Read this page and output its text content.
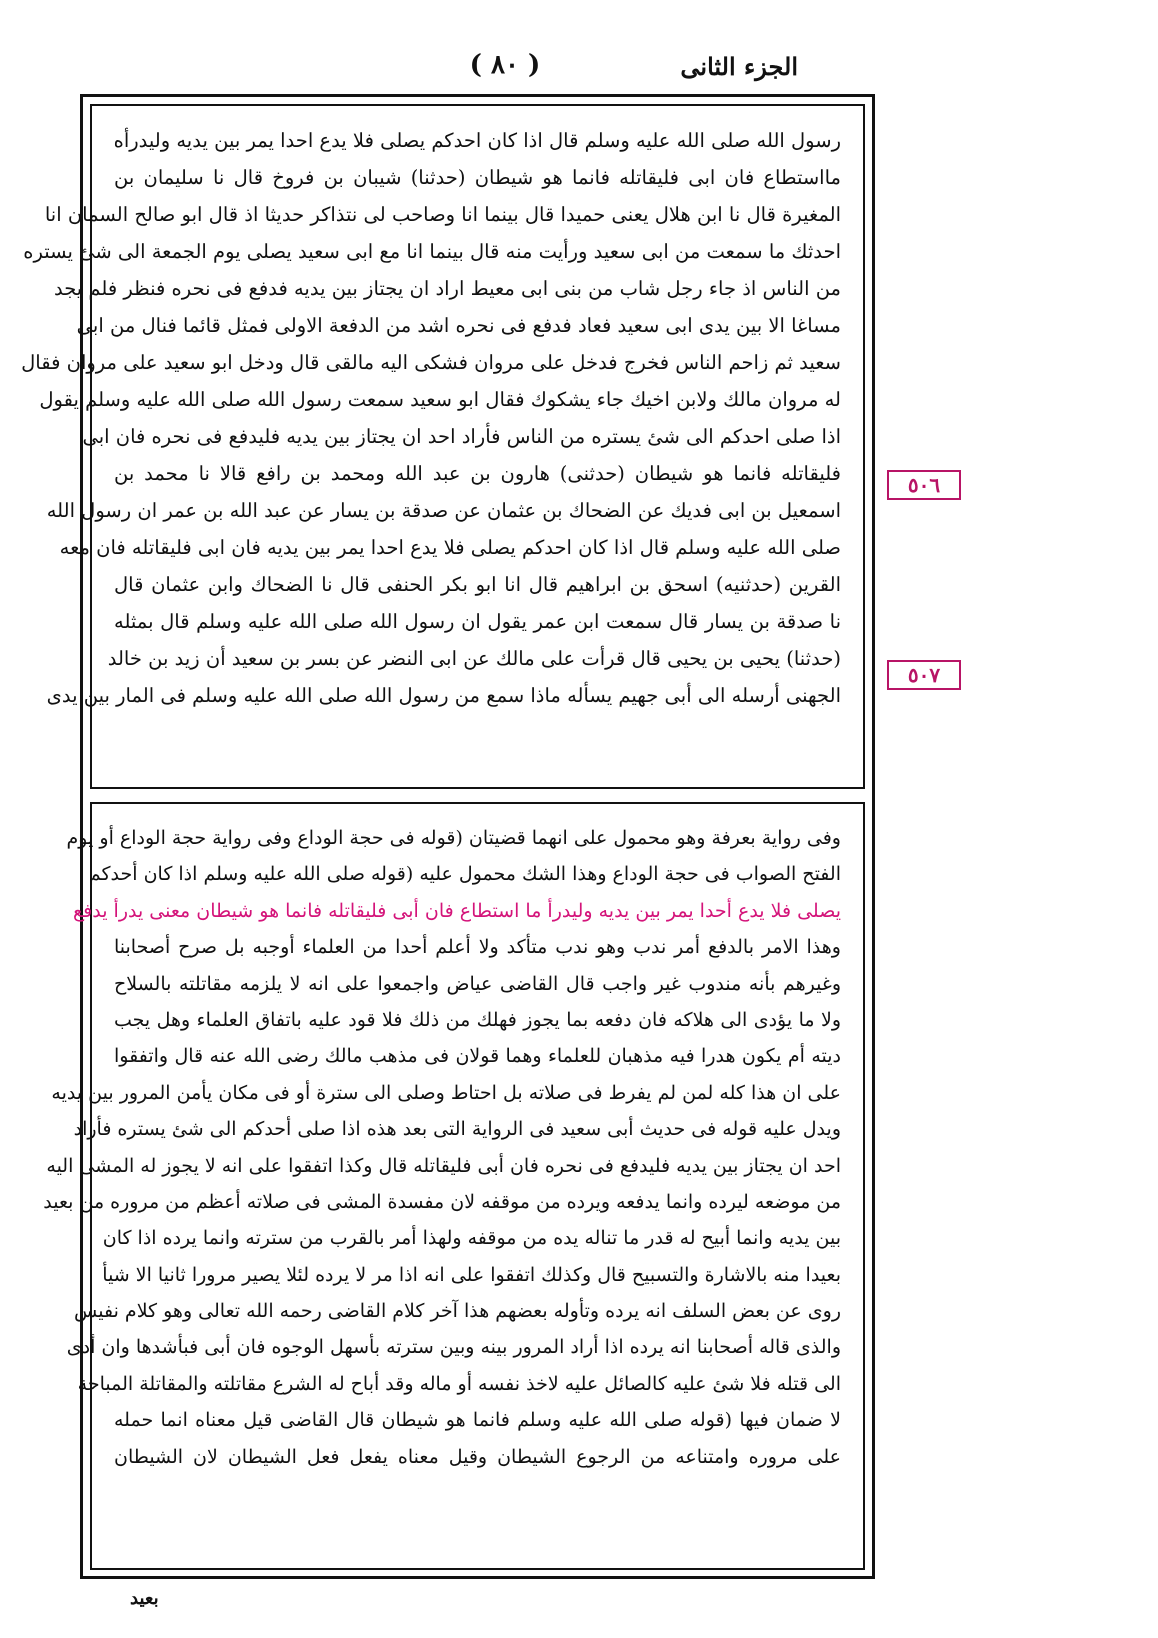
الجزء الثانى
( ٨٠ )
رسول الله صلى الله عليه وسلم قال اذا كان احدكم يصلى فلا يدع احدا يمر بين يديه وليدرأه
مااستطاع فان ابى فليقاتله فانما هو شيطان (حدثنا) شيبان بن فروخ قال نا سليمان بن
المغيرة قال نا ابن هلال يعنى حميدا قال بينما انا وصاحب لى نتذاكر حديثا اذ قال ابو صالح السمان انا
احدثك ما سمعت من ابى سعيد ورأيت منه قال بينما انا مع ابى سعيد يصلى يوم الجمعة الى شئ يستره
من الناس اذ جاء رجل شاب من بنى ابى معيط اراد ان يجتاز بين يديه فدفع فى نحره فنظر فلم يجد
مساغا الا بين يدى ابى سعيد فعاد فدفع فى نحره اشد من الدفعة الاولى فمثل قائما فنال من ابى
سعيد ثم زاحم الناس فخرج فدخل على مروان فشكى اليه مالقى قال ودخل ابو سعيد على مروان فقال
له مروان مالك ولابن اخيك جاء يشكوك فقال ابو سعيد سمعت رسول الله صلى الله عليه وسلم يقول
اذا صلى احدكم الى شئ يستره من الناس فأراد احد ان يجتاز بين يديه فليدفع فى نحره فان ابى
فليقاتله فانما هو شيطان (حدثنى) هارون بن عبد الله ومحمد بن رافع قالا نا محمد بن
اسمعيل بن ابى فديك عن الضحاك بن عثمان عن صدقة بن يسار عن عبد الله بن عمر ان رسول الله
صلى الله عليه وسلم قال اذا كان احدكم يصلى فلا يدع احدا يمر بين يديه فان ابى فليقاتله فان معه
القرين (حدثنيه) اسحق بن ابراهيم قال انا ابو بكر الحنفى قال نا الضحاك وابن عثمان قال
نا صدقة بن يسار قال سمعت ابن عمر يقول ان رسول الله صلى الله عليه وسلم قال بمثله
(حدثنا) يحيى بن يحيى قال قرأت على مالك عن ابى النضر عن بسر بن سعيد أن زيد بن خالد
الجهنى أرسله الى أبى جهيم يسأله ماذا سمع من رسول الله صلى الله عليه وسلم فى المار بين يدى
وفى رواية بعرفة وهو محمول على انهما قضيتان (قوله فى حجة الوداع وفى رواية حجة الوداع أو يوم
الفتح الصواب فى حجة الوداع وهذا الشك محمول عليه (قوله صلى الله عليه وسلم اذا كان أحدكم
يصلى فلا يدع أحدا يمر بين يديه وليدرأ ما استطاع فان أبى فليقاتله فانما هو شيطان معنى يدرأ يدفع
وهذا الامر بالدفع أمر ندب وهو ندب متأكد ولا أعلم أحدا من العلماء أوجبه بل صرح أصحابنا
وغيرهم بأنه مندوب غير واجب قال القاضى عياض واجمعوا على انه لا يلزمه مقاتلته بالسلاح
ولا ما يؤدى الى هلاكه فان دفعه بما يجوز فهلك من ذلك فلا قود عليه باتفاق العلماء وهل يجب
ديته أم يكون هدرا فيه مذهبان للعلماء وهما قولان فى مذهب مالك رضى الله عنه قال واتفقوا
على ان هذا كله لمن لم يفرط فى صلاته بل احتاط وصلى الى سترة أو فى مكان يأمن المرور بين يديه
ويدل عليه قوله فى حديث أبى سعيد فى الرواية التى بعد هذه اذا صلى أحدكم الى شئ يستره فأراد
احد ان يجتاز بين يديه فليدفع فى نحره فان أبى فليقاتله قال وكذا اتفقوا على انه لا يجوز له المشى اليه
من موضعه ليرده وانما يدفعه ويرده من موقفه لان مفسدة المشى فى صلاته أعظم من مروره من بعيد
بين يديه وانما أبيح له قدر ما تناله يده من موقفه ولهذا أمر بالقرب من سترته وانما يرده اذا كان
بعيدا منه بالاشارة والتسبيح قال وكذلك اتفقوا على انه اذا مر لا يرده لئلا يصير مرورا ثانيا الا شيأ
روى عن بعض السلف انه يرده وتأوله بعضهم هذا آخر كلام القاضى رحمه الله تعالى وهو كلام نفيس
والذى قاله أصحابنا انه يرده اذا أراد المرور بينه وبين سترته بأسهل الوجوه فان أبى فبأشدها وان أدى
الى قتله فلا شئ عليه كالصائل عليه لاخذ نفسه أو ماله وقد أباح له الشرع مقاتلته والمقاتلة المباحة
لا ضمان فيها (قوله صلى الله عليه وسلم فانما هو شيطان قال القاضى قيل معناه انما حمله
على مروره وامتناعه من الرجوع الشيطان وقيل معناه يفعل فعل الشيطان لان الشيطان
٥٠٦
٥٠٧
بعيد
